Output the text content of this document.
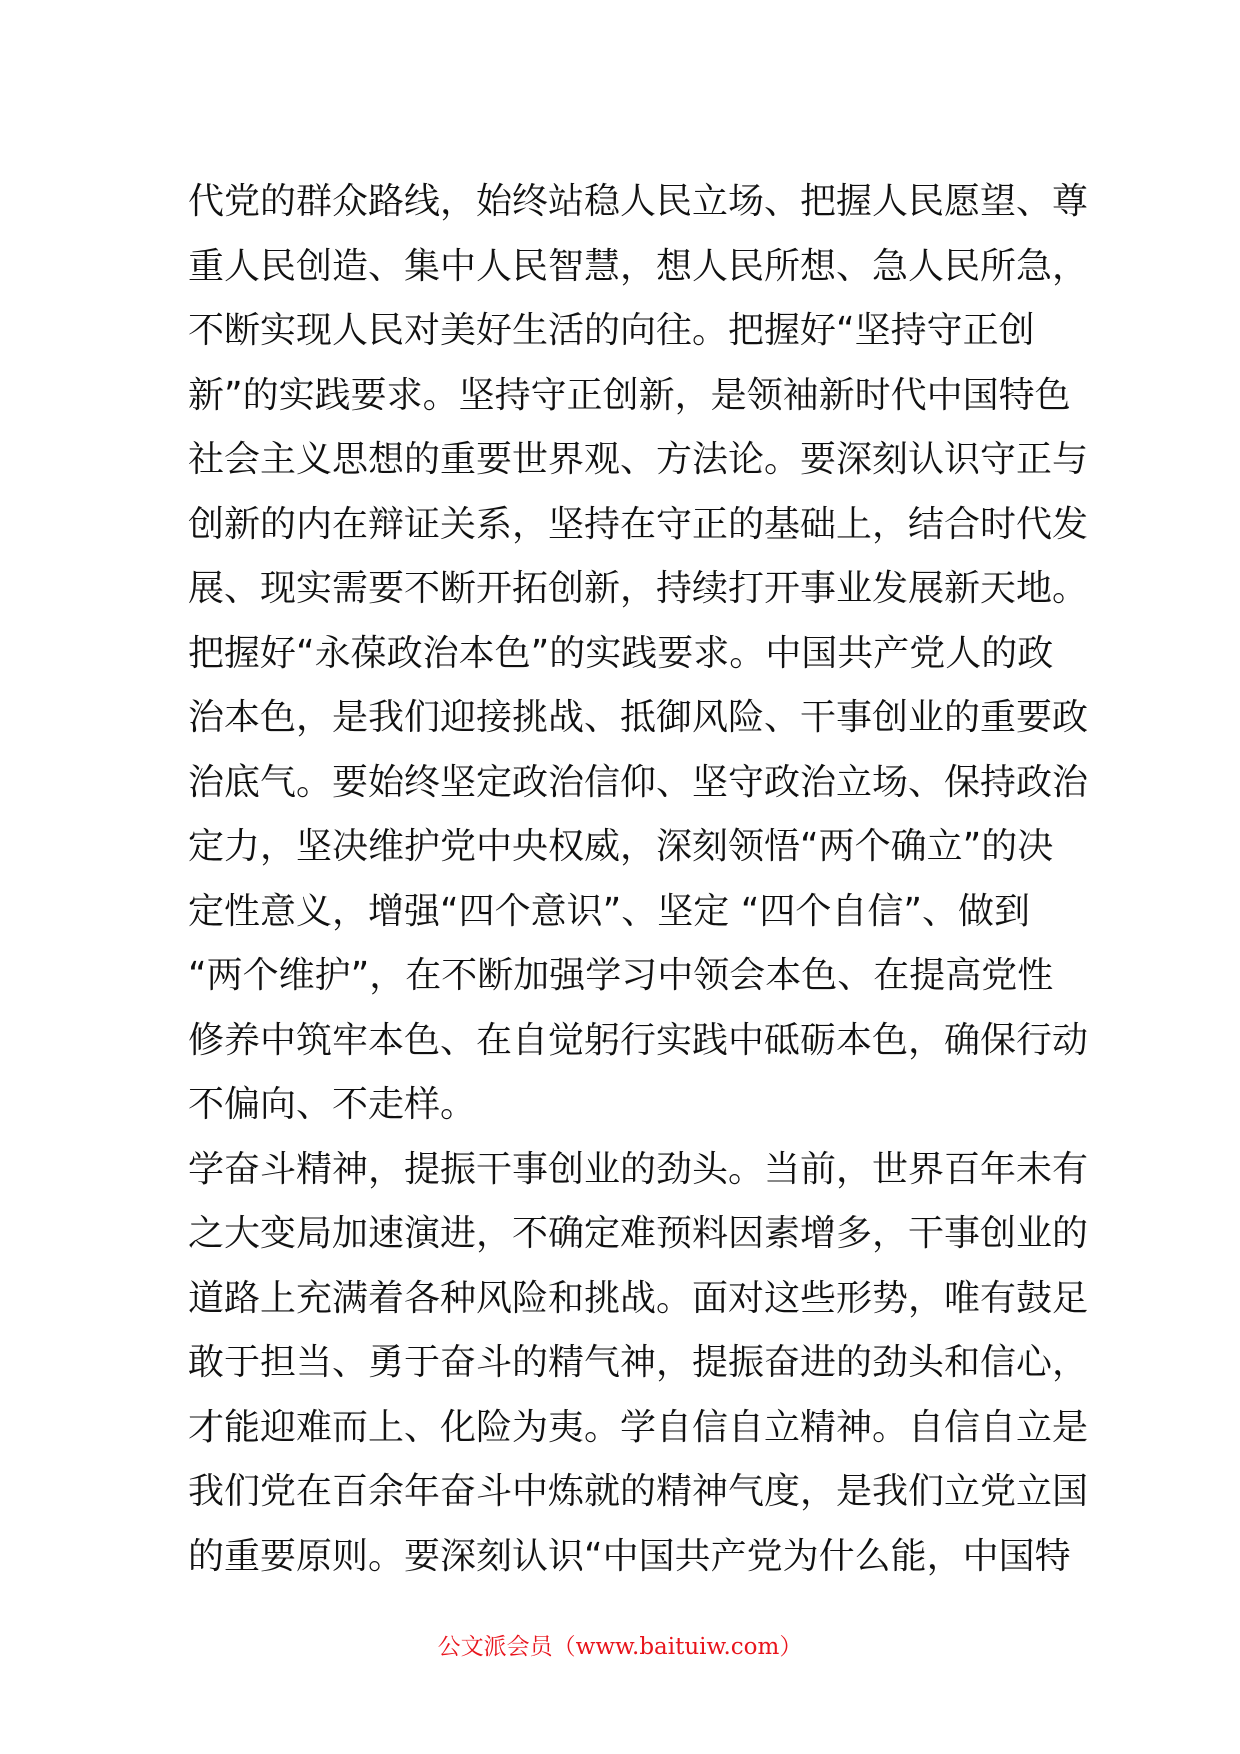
代党的群众路线，始终站稳人民立场、把握人民愿望、尊
重人民创造、集中人民智慧，想人民所想、急人民所急，
不断实现人民对美好生活的向往。把握好“坚持守正创
新”的实践要求。坚持守正创新，是领袖新时代中国特色
社会主义思想的重要世界观、方法论。要深刻认识守正与
创新的内在辩证关系，坚持在守正的基础上，结合时代发
展、现实需要不断开拓创新，持续打开事业发展新天地。
把握好“永葆政治本色”的实践要求。中国共产党人的政
治本色，是我们迎接挑战、抵御风险、干事创业的重要政
治底气。要始终坚定政治信仰、坚守政治立场、保持政治
定力，坚决维护党中央权威，深刻领悟“两个确立”的决
定性意义，增强“四个意识”、坚定 “四个自信”、做到
“两个维护”，在不断加强学习中领会本色、在提高党性
修养中筑牢本色、在自觉躬行实践中砥砺本色，确保行动
不偏向、不走样。
学奋斗精神，提振干事创业的劲头。当前，世界百年未有
之大变局加速演进，不确定难预料因素增多，干事创业的
道路上充满着各种风险和挑战。面对这些形势，唯有鼓足
敢于担当、勇于奋斗的精气神，提振奋进的劲头和信心，
才能迎难而上、化险为夷。学自信自立精神。自信自立是
我们党在百余年奋斗中炼就的精神气度，是我们立党立国
的重要原则。要深刻认识“中国共产党为什么能，中国特
公文派会员（www.baituiw.com）
